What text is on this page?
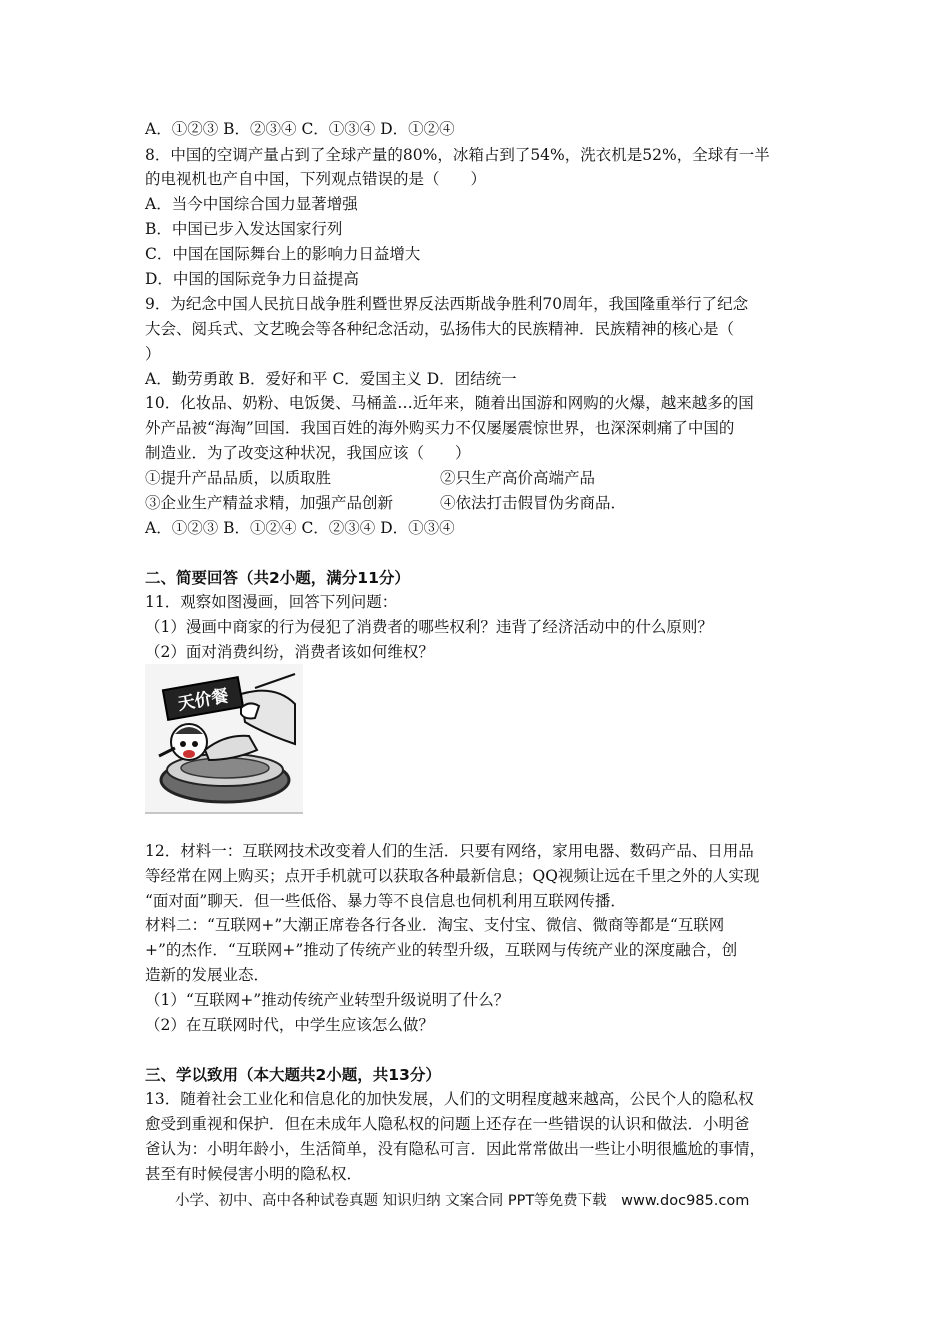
A．①②③ B．②③④ C．①③④ D．①②④
8．中国的空调产量占到了全球产量的80%，冰箱占到了54%，洗衣机是52%，全球有一半
的电视机也产自中国，下列观点错误的是（　　）
A．当今中国综合国力显著增强
B．中国已步入发达国家行列
C．中国在国际舞台上的影响力日益增大
D．中国的国际竞争力日益提高
9．为纪念中国人民抗日战争胜利暨世界反法西斯战争胜利70周年，我国隆重举行了纪念
大会、阅兵式、文艺晚会等各种纪念活动，弘扬伟大的民族精神．民族精神的核心是（
）
A．勤劳勇敢 B．爱好和平 C．爱国主义 D．团结统一
10．化妆品、奶粉、电饭煲、马桶盖…近年来，随着出国游和网购的火爆，越来越多的国
外产品被“海淘”回国．我国百姓的海外购买力不仅屡屡震惊世界，也深深刺痛了中国的
制造业．为了改变这种状况，我国应该（　　）
①提升产品品质，以质取胜	②只生产高价高端产品
③企业生产精益求精，加强产品创新	④依法打击假冒伪劣商品．
A．①②③ B．①②④ C．②③④ D．①③④
二、简要回答（共2小题，满分11分）
11．观察如图漫画，回答下列问题：
（1）漫画中商家的行为侵犯了消费者的哪些权利？违背了经济活动中的什么原则？
（2）面对消费纠纷，消费者该如何维权？
天价餐
12．材料一：互联网技术改变着人们的生活．只要有网络，家用电器、数码产品、日用品
等经常在网上购买；点开手机就可以获取各种最新信息；QQ视频让远在千里之外的人实现
“面对面”聊天．但一些低俗、暴力等不良信息也伺机利用互联网传播．
材料二：“互联网+”大潮正席卷各行各业．淘宝、支付宝、微信、微商等都是“互联网
+”的杰作．“互联网+”推动了传统产业的转型升级，互联网与传统产业的深度融合，创
造新的发展业态．
（1）“互联网+”推动传统产业转型升级说明了什么？
（2）在互联网时代，中学生应该怎么做？
三、学以致用（本大题共2小题，共13分）
13．随着社会工业化和信息化的加快发展，人们的文明程度越来越高，公民个人的隐私权
愈受到重视和保护．但在未成年人隐私权的问题上还存在一些错误的认识和做法．小明爸
爸认为：小明年龄小，生活简单，没有隐私可言．因此常常做出一些让小明很尴尬的事情，
甚至有时候侵害小明的隐私权．
小学、初中、高中各种试卷真题 知识归纳 文案合同 PPT等免费下载　www.doc985.com
